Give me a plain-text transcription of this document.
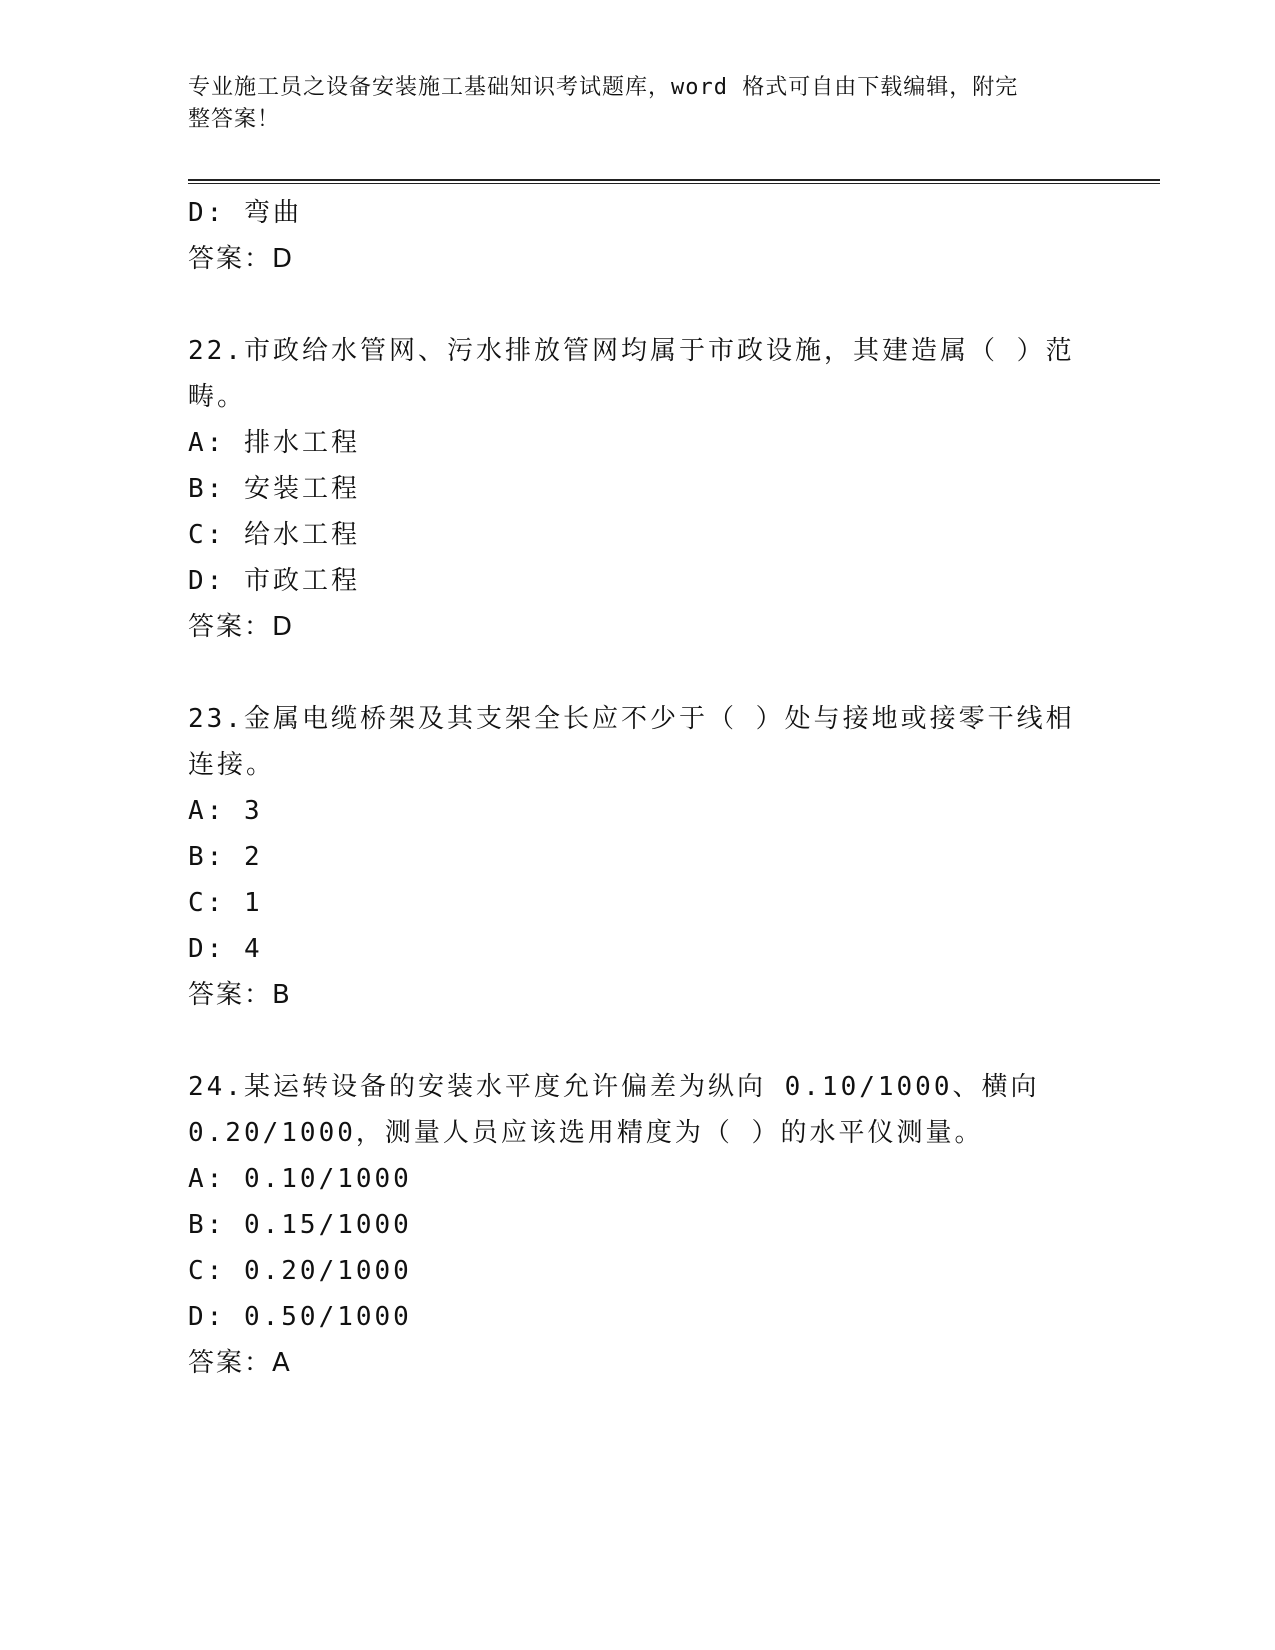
专业施工员之设备安装施工基础知识考试题库，word 格式可自由下载编辑，附完
整答案！
D: 弯曲
答案：D
22.市政给水管网、污水排放管网均属于市政设施，其建造属（ ）范
畴。
A: 排水工程
B: 安装工程
C: 给水工程
D: 市政工程
答案：D
23.金属电缆桥架及其支架全长应不少于（ ）处与接地或接零干线相
连接。
A: 3
B: 2
C: 1
D: 4
答案：B
24.某运转设备的安装水平度允许偏差为纵向 0.10/1000、横向
0.20/1000，测量人员应该选用精度为（ ）的水平仪测量。
A: 0.10/1000
B: 0.15/1000
C: 0.20/1000
D: 0.50/1000
答案：A
